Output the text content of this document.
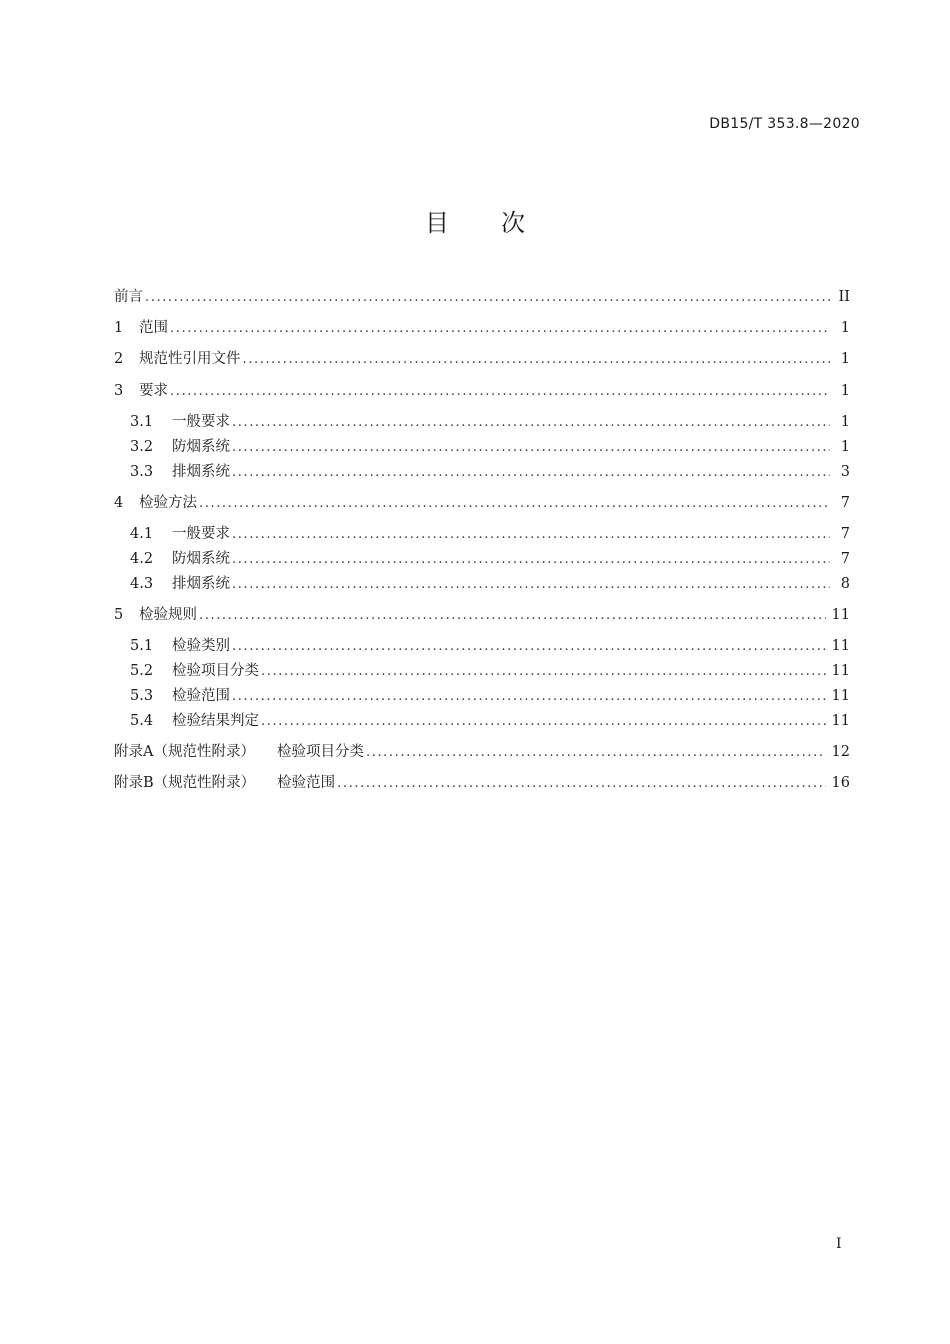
DB15/T 353.8—2020
目 次
前言 .....	II
1	范围 .....	1
2	规范性引用文件 .....	1
3	要求 .....	1
3.1	一般要求 .....	1
3.2	防烟系统 .....	1
3.3	排烟系统 .....	3
4	检验方法 .....	7
4.1	一般要求 .....	7
4.2	防烟系统 .....	7
4.3	排烟系统 .....	8
5	检验规则 .....	11
5.1	检验类别 .....	11
5.2	检验项目分类 .....	11
5.3	检验范围 .....	11
5.4	检验结果判定 .....	11
附录A（规范性附录） 检验项目分类 .....	12
附录B（规范性附录） 检验范围 .....	16
I
